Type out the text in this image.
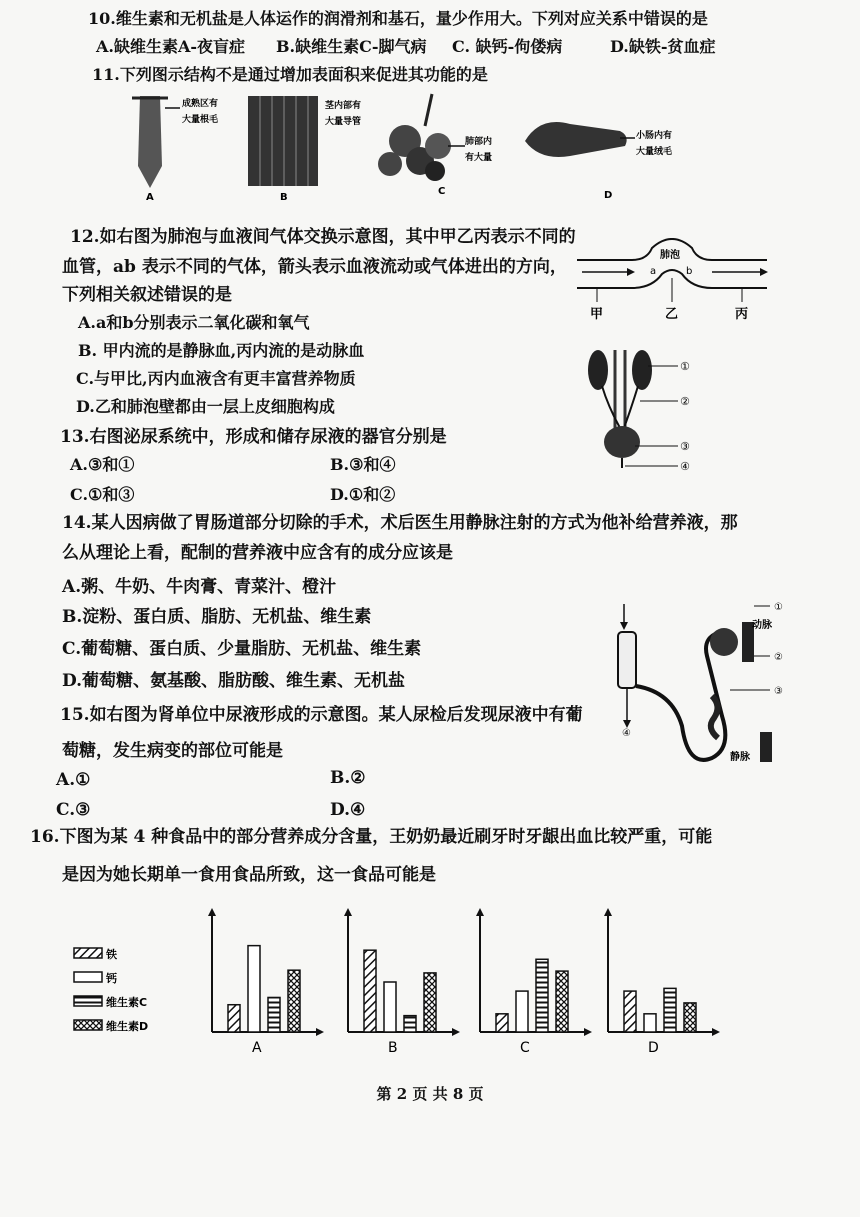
10.维生素和无机盐是人体运作的润滑剂和基石，量少作用大。下列对应关系中错误的是
A.缺维生素A-夜盲症 B.缺维生素C-脚气病 C. 缺钙-佝偻病	D.缺铁-贫血症
11.下列图示结构不是通过增加表面积来促进其功能的是
成熟区有
大量根毛
A
茎内部有
大量导管
B
肺部内
有大量
C
小肠内有
大量绒毛
D
12.如右图为肺泡与血液间气体交换示意图，其中甲乙丙表示不同的
血管，ab 表示不同的气体，箭头表示血液流动或气体进出的方向，
下列相关叙述错误的是
A.a和b分别表示二氧化碳和氧气
B. 甲内流的是静脉血,丙内流的是动脉血
C.与甲比,丙内血液含有更丰富营养物质
D.乙和肺泡壁都由一层上皮细胞构成
肺泡
a	b
甲	乙	丙
13.右图泌尿系统中，形成和储存尿液的器官分别是
A.③和①	B.③和④
C.①和③	D.①和②
①
②
③
④
14.某人因病做了胃肠道部分切除的手术，术后医生用静脉注射的方式为他补给营养液，那
么从理论上看，配制的营养液中应含有的成分应该是
A.粥、牛奶、牛肉膏、青菜汁、橙汁
B.淀粉、蛋白质、脂肪、无机盐、维生素
C.葡萄糖、蛋白质、少量脂肪、无机盐、维生素
D.葡萄糖、氨基酸、脂肪酸、维生素、无机盐
①
动脉
②
③
④
静脉
15.如右图为肾单位中尿液形成的示意图。某人尿检后发现尿液中有葡
萄糖，发生病变的部位可能是
A.①	B.②
C.③	D.④
16.下图为某 4 种食品中的部分营养成分含量，王奶奶最近刷牙时牙龈出血比较严重，可能
是因为她长期单一食用食品所致，这一食品可能是
铁
钙
维生素C
维生素D
A	B	C	D
第 2 页 共 8 页
